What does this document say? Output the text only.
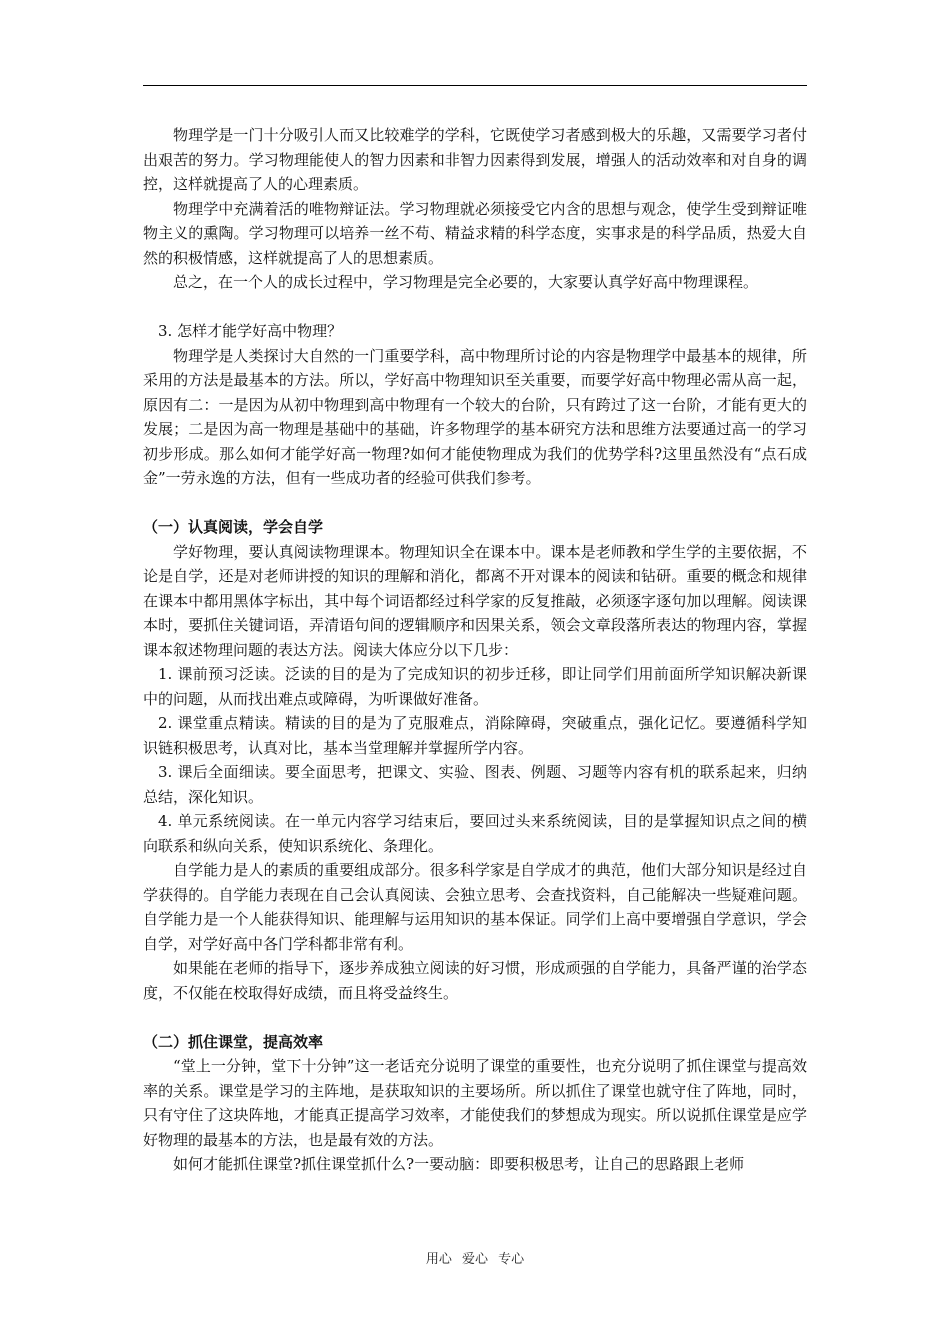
物理学是一门十分吸引人而又比较难学的学科，它既使学习者感到极大的乐趣，又需要学习者付出艰苦的努力。学习物理能使人的智力因素和非智力因素得到发展，增强人的活动效率和对自身的调控，这样就提高了人的心理素质。

物理学中充满着活的唯物辩证法。学习物理就必须接受它内含的思想与观念，使学生受到辩证唯物主义的熏陶。学习物理可以培养一丝不苟、精益求精的科学态度，实事求是的科学品质，热爱大自然的积极情感，这样就提高了人的思想素质。

总之，在一个人的成长过程中，学习物理是完全必要的，大家要认真学好高中物理课程。

3. 怎样才能学好高中物理？

物理学是人类探讨大自然的一门重要学科，高中物理所讨论的内容是物理学中最基本的规律，所采用的方法是最基本的方法。所以，学好高中物理知识至关重要，而要学好高中物理必需从高一起，原因有二：一是因为从初中物理到高中物理有一个较大的台阶，只有跨过了这一台阶，才能有更大的发展；二是因为高一物理是基础中的基础，许多物理学的基本研究方法和思维方法要通过高一的学习初步形成。那么如何才能学好高一物理?如何才能使物理成为我们的优势学科?这里虽然没有“点石成金”一劳永逸的方法，但有一些成功者的经验可供我们参考。

（一）认真阅读，学会自学

学好物理，要认真阅读物理课本。物理知识全在课本中。课本是老师教和学生学的主要依据，不论是自学，还是对老师讲授的知识的理解和消化，都离不开对课本的阅读和钻研。重要的概念和规律在课本中都用黑体字标出，其中每个词语都经过科学家的反复推敲，必须逐字逐句加以理解。阅读课本时，要抓住关键词语，弄清语句间的逻辑顺序和因果关系，领会文章段落所表达的物理内容，掌握课本叙述物理问题的表达方法。阅读大体应分以下几步：

1. 课前预习泛读。泛读的目的是为了完成知识的初步迁移，即让同学们用前面所学知识解决新课中的问题，从而找出难点或障碍，为听课做好准备。

2. 课堂重点精读。精读的目的是为了克服难点，消除障碍，突破重点，强化记忆。要遵循科学知识链积极思考，认真对比，基本当堂理解并掌握所学内容。

3. 课后全面细读。要全面思考，把课文、实验、图表、例题、习题等内容有机的联系起来，归纳总结，深化知识。

4. 单元系统阅读。在一单元内容学习结束后，要回过头来系统阅读，目的是掌握知识点之间的横向联系和纵向关系，使知识系统化、条理化。

自学能力是人的素质的重要组成部分。很多科学家是自学成才的典范，他们大部分知识是经过自学获得的。自学能力表现在自己会认真阅读、会独立思考、会查找资料，自己能解决一些疑难问题。自学能力是一个人能获得知识、能理解与运用知识的基本保证。同学们上高中要增强自学意识，学会自学，对学好高中各门学科都非常有利。

如果能在老师的指导下，逐步养成独立阅读的好习惯，形成顽强的自学能力，具备严谨的治学态度，不仅能在校取得好成绩，而且将受益终生。

（二）抓住课堂，提高效率

“堂上一分钟，堂下十分钟”这一老话充分说明了课堂的重要性，也充分说明了抓住课堂与提高效率的关系。课堂是学习的主阵地，是获取知识的主要场所。所以抓住了课堂也就守住了阵地，同时，只有守住了这块阵地，才能真正提高学习效率，才能使我们的梦想成为现实。所以说抓住课堂是应学好物理的最基本的方法，也是最有效的方法。

如何才能抓住课堂?抓住课堂抓什么?一要动脑：即要积极思考，让自己的思路跟上老师

用心 爱心 专心
